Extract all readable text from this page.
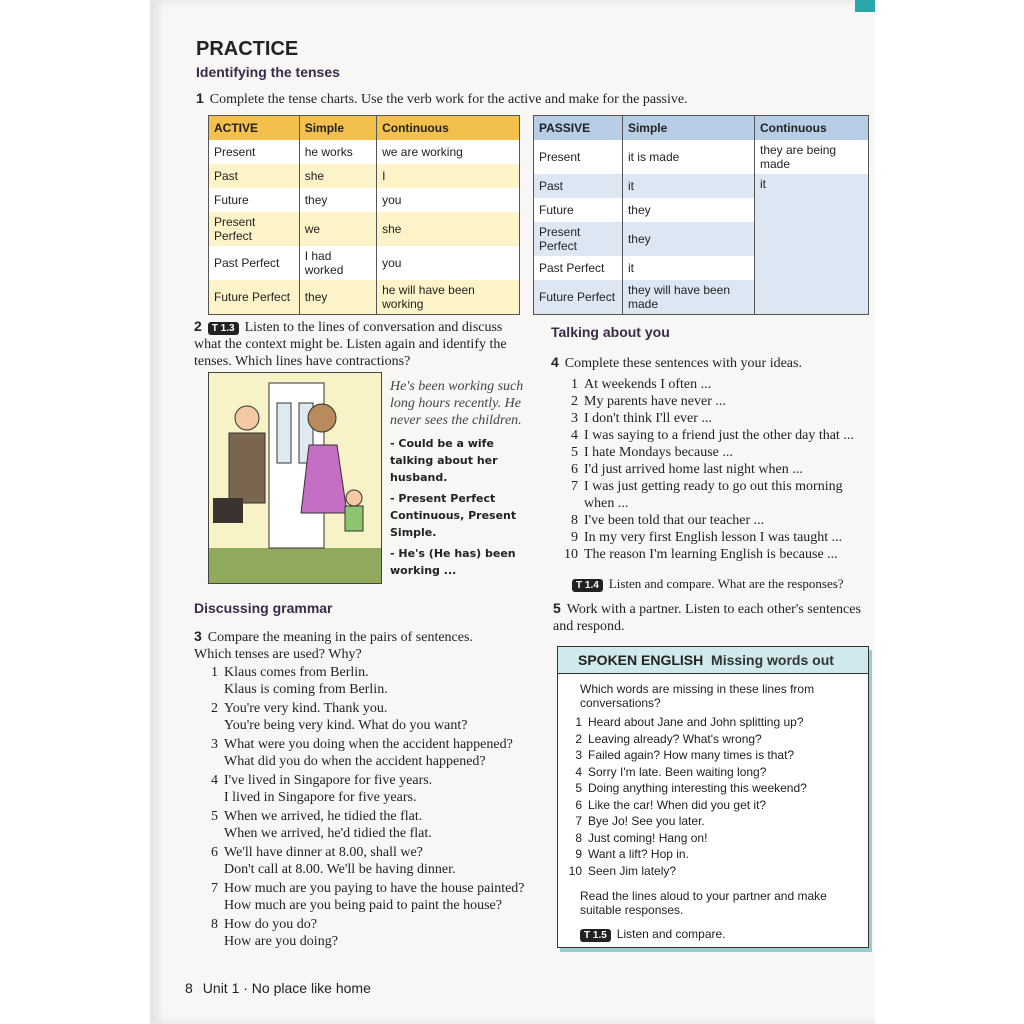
PRACTICE
Identifying the tenses

1 Complete the tense charts. Use the verb work for the active and make for the passive.

ACTIVE	Simple	Continuous
Present	he works	we are working
Past	she	I
Future	they	you
Present Perfect	we	she
Past Perfect	I had worked	you
Future Perfect	they	he will have been working
PASSIVE	Simple	Continuous
Present	it is made	they are being made
Past	it	it
Future	they	
Present Perfect	they	
Past Perfect	it	
Future Perfect	they will have been made	

2 T 1.3 Listen to the lines of conversation and discuss what the context might be. Listen again and identify the tenses. Which lines have contractions?

He's been working such long hours recently. He never sees the children.

- Could be a wife talking about her husband.
- Present Perfect Continuous, Present Simple.
- He's (He has) been working ...
Discussing grammar

3 Compare the meaning in the pairs of sentences. Which tenses are used? Why?

1 Klaus comes from Berlin.
Klaus is coming from Berlin.
2 You're very kind. Thank you.
You're being very kind. What do you want?
3 What were you doing when the accident happened?
What did you do when the accident happened?
4 I've lived in Singapore for five years.
I lived in Singapore for five years.
5 When we arrived, he tidied the flat.
When we arrived, he'd tidied the flat.
6 We'll have dinner at 8.00, shall we?
Don't call at 8.00. We'll be having dinner.
7 How much are you paying to have the house painted?
How much are you being paid to paint the house?
8 How do you do?
How are you doing?
8 Unit 1 · No place like home
Talking about you

4 Complete these sentences with your ideas.

1 At weekends I often ...
2 My parents have never ...
3 I don't think I'll ever ...
4 I was saying to a friend just the other day that ...
5 I hate Mondays because ...
6 I'd just arrived home last night when ...
7 I was just getting ready to go out this morning when ...
8 I've been told that our teacher ...
9 In my very first English lesson I was taught ...
10 The reason I'm learning English is because ...

T 1.4 Listen and compare. What are the responses?

5 Work with a partner. Listen to each other's sentences and respond.

SPOKEN ENGLISH Missing words out
Which words are missing in these lines from conversations?
1 Heard about Jane and John splitting up?
2 Leaving already? What's wrong?
3 Failed again? How many times is that?
4 Sorry I'm late. Been waiting long?
5 Doing anything interesting this weekend?
6 Like the car! When did you get it?
7 Bye Jo! See you later.
8 Just coming! Hang on!
9 Want a lift? Hop in.
10 Seen Jim lately?
Read the lines aloud to your partner and make suitable responses.
T 1.5 Listen and compare.
